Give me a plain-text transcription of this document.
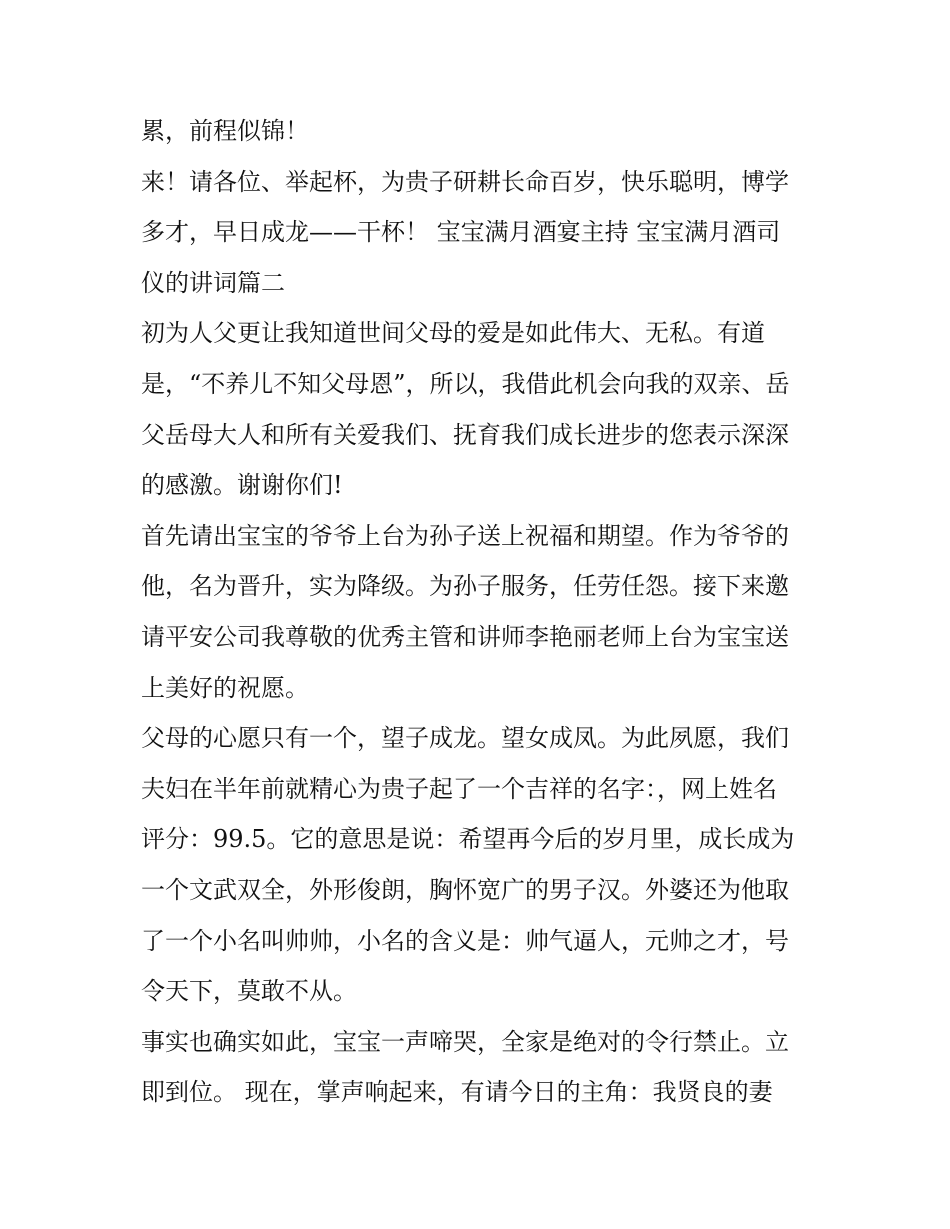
累，前程似锦！
来！请各位、举起杯，为贵子研耕长命百岁，快乐聪明，博学
多才，早日成龙——干杯！ 宝宝满月酒宴主持 宝宝满月酒司
仪的讲词篇二
初为人父更让我知道世间父母的爱是如此伟大、无私。有道
是，“不养儿不知父母恩”，所以，我借此机会向我的双亲、岳
父岳母大人和所有关爱我们、抚育我们成长进步的您表示深深
的感激。谢谢你们!
首先请出宝宝的爷爷上台为孙子送上祝福和期望。作为爷爷的
他，名为晋升，实为降级。为孙子服务，任劳任怨。接下来邀
请平安公司我尊敬的优秀主管和讲师李艳丽老师上台为宝宝送
上美好的祝愿。
父母的心愿只有一个，望子成龙。望女成凤。为此夙愿，我们
夫妇在半年前就精心为贵子起了一个吉祥的名字：，网上姓名
评分：99.5。它的意思是说：希望再今后的岁月里，成长成为
一个文武双全，外形俊朗，胸怀宽广的男子汉。外婆还为他取
了一个小名叫帅帅，小名的含义是：帅气逼人，元帅之才，号
令天下，莫敢不从。
事实也确实如此，宝宝一声啼哭，全家是绝对的令行禁止。立
即到位。 现在，掌声响起来，有请今日的主角：我贤良的妻
